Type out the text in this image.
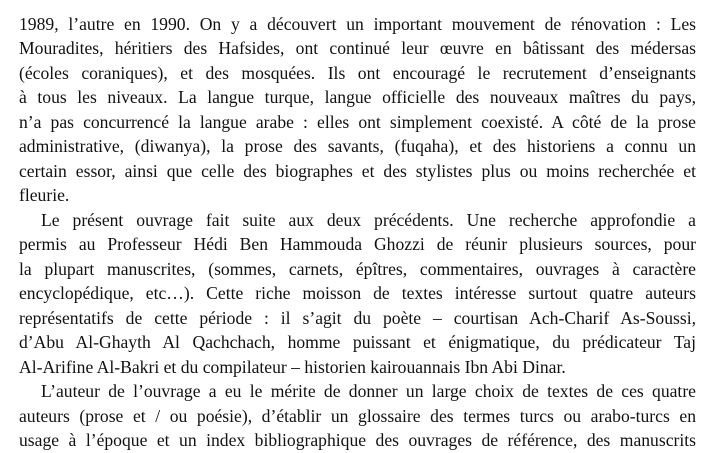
1989, l’autre en 1990. On y a découvert un important mouvement de rénovation : Les
Mouradites, héritiers des Hafsides, ont continué leur œuvre en bâtissant des médersas
(écoles coraniques), et des mosquées. Ils ont encouragé le recrutement d’enseignants
à tous les niveaux. La langue turque, langue officielle des nouveaux maîtres du pays,
n’a pas concurrencé la langue arabe : elles ont simplement coexisté. A côté de la prose
administrative, (diwanya), la prose des savants, (fuqaha), et des historiens a connu un
certain essor, ainsi que celle des biographes et des stylistes plus ou moins recherchée et
fleurie.
Le présent ouvrage fait suite aux deux précédents. Une recherche approfondie a
permis au Professeur Hédi Ben Hammouda Ghozzi de réunir plusieurs sources, pour
la plupart manuscrites, (sommes, carnets, épîtres, commentaires, ouvrages à caractère
encyclopédique, etc…). Cette riche moisson de textes intéresse surtout quatre auteurs
représentatifs de cette période : il s’agit du poète – courtisan Ach-Charif As-Soussi,
d’Abu Al-Ghayth Al Qachchach, homme puissant et énigmatique, du prédicateur Taj
Al-Arifine Al-Bakri et du compilateur – historien kairouannais Ibn Abi Dinar.
L’auteur de l’ouvrage a eu le mérite de donner un large choix de textes de ces quatre
auteurs (prose et / ou poésie), d’établir un glossaire des termes turcs ou arabo-turcs en
usage à l’époque et un index bibliographique des ouvrages de référence, des manuscrits
